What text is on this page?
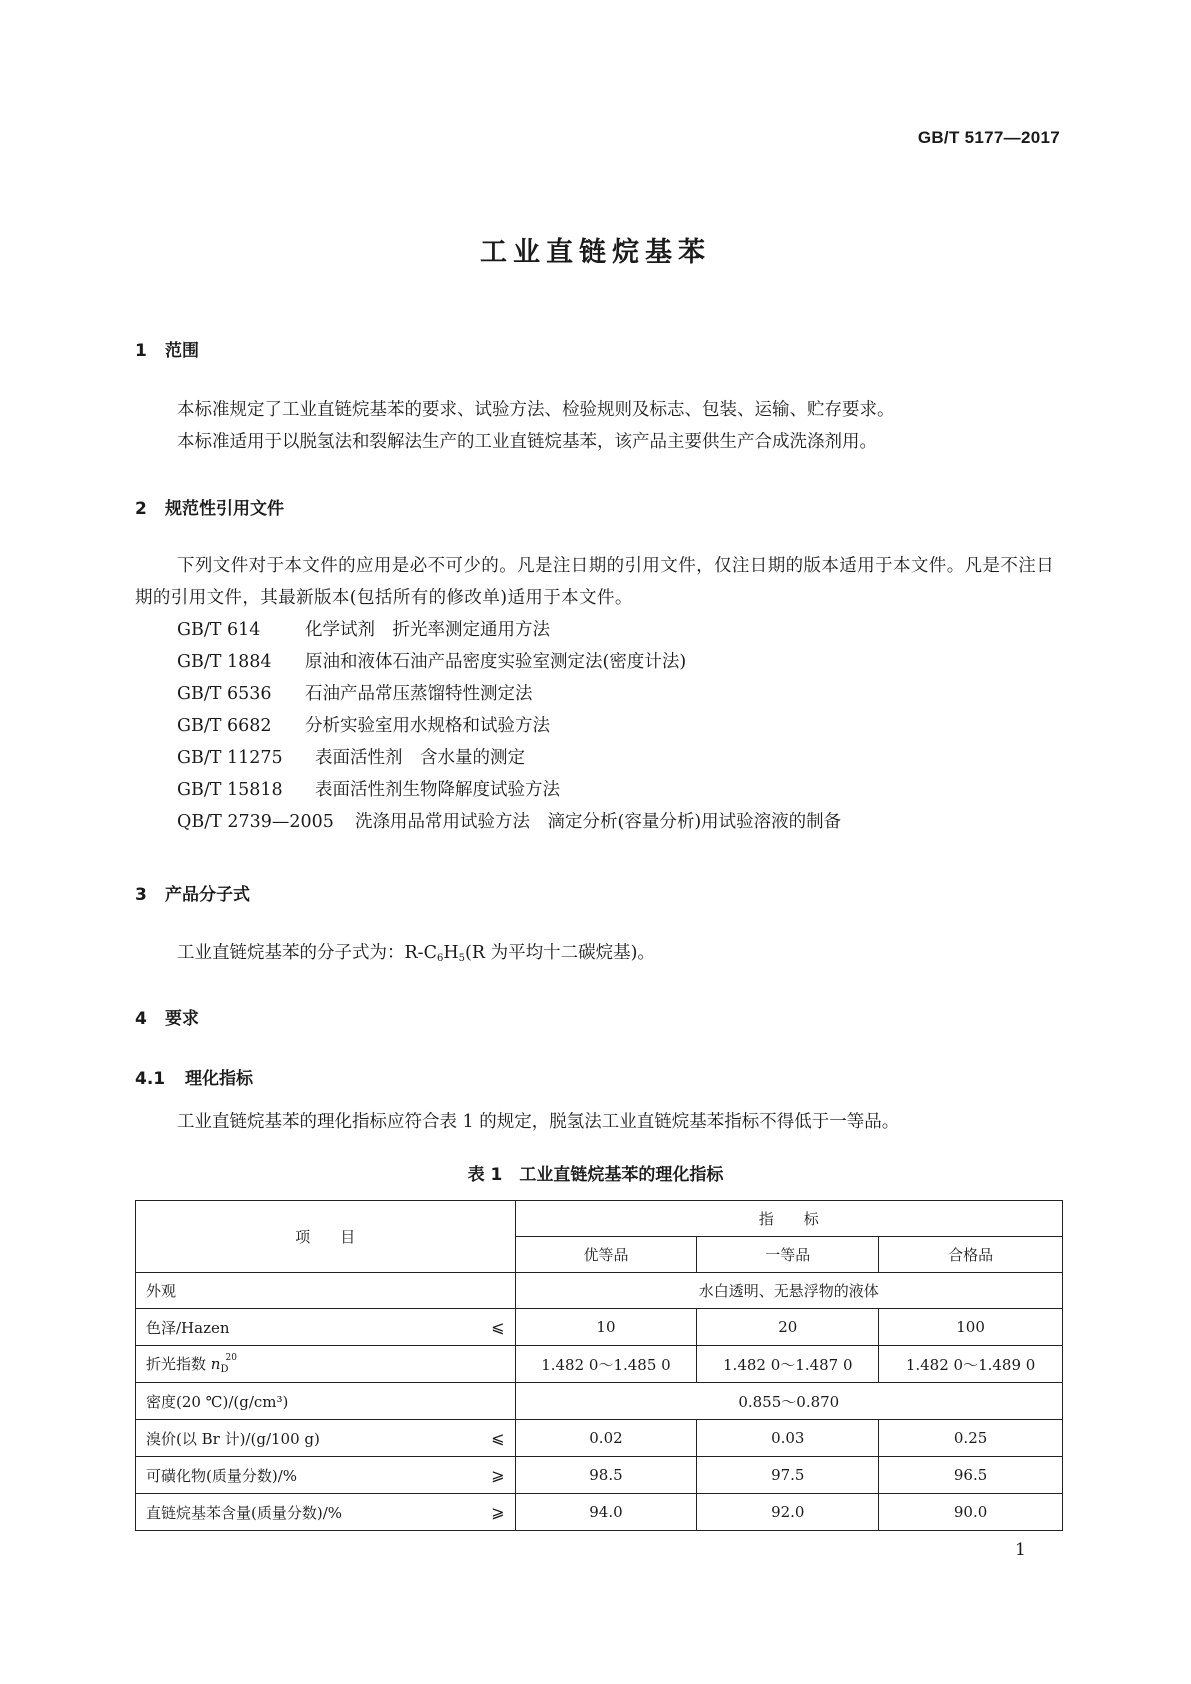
GB/T 5177—2017
工业直链烷基苯
1 范围
本标准规定了工业直链烷基苯的要求、试验方法、检验规则及标志、包装、运输、贮存要求。
本标准适用于以脱氢法和裂解法生产的工业直链烷基苯，该产品主要供生产合成洗涤剂用。
2 规范性引用文件
下列文件对于本文件的应用是必不可少的。凡是注日期的引用文件，仅注日期的版本适用于本文件。凡是不注日期的引用文件，其最新版本(包括所有的修改单)适用于本文件。
GB/T 614	化学试剂　折光率测定通用方法
GB/T 1884 原油和液体石油产品密度实验室测定法(密度计法)
GB/T 6536 石油产品常压蒸馏特性测定法
GB/T 6682 分析实验室用水规格和试验方法
GB/T 11275 表面活性剂　含水量的测定
GB/T 15818 表面活性剂生物降解度试验方法
QB/T 2739—2005 洗涤用品常用试验方法　滴定分析(容量分析)用试验溶液的制备
3 产品分子式
工业直链烷基苯的分子式为：R-C6H5(R 为平均十二碳烷基)。
4 要求
4.1 理化指标
工业直链烷基苯的理化指标应符合表 1 的规定，脱氢法工业直链烷基苯指标不得低于一等品。
表 1　工业直链烷基苯的理化指标
项　　目	指　　标		
	优等品	一等品	合格品
外观	水白透明、无悬浮物的液体		
色泽/Hazen ⩽	10	20	100
折光指数 $n_D^{20}$	1.482 0～1.485 0	1.482 0～1.487 0	1.482 0～1.489 0
密度(20 ℃)/(g/cm³)	0.855～0.870		
溴价(以 Br 计)/(g/100 g) ⩽	0.02	0.03	0.25
可磺化物(质量分数)/% ⩾	98.5	97.5	96.5
直链烷基苯含量(质量分数)/% ⩾	94.0	92.0	90.0
1
